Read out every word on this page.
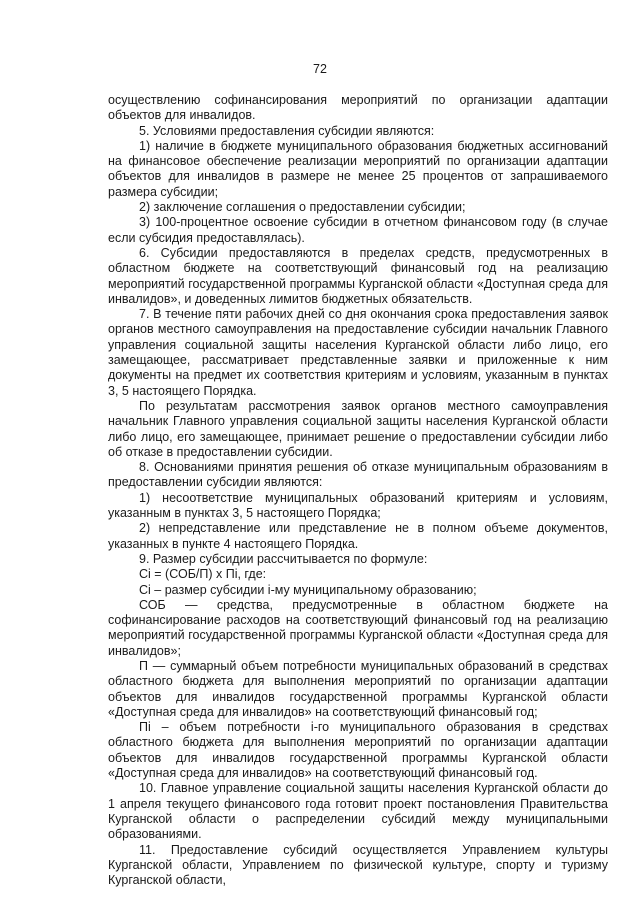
72

осуществлению софинансирования мероприятий по организации адаптации объектов для инвалидов.

5. Условиями предоставления субсидии являются:

1) наличие в бюджете муниципального образования бюджетных ассигнований на финансовое обеспечение реализации мероприятий по организации адаптации объектов для инвалидов в размере не менее 25 процентов от запрашиваемого размера субсидии;

2) заключение соглашения о предоставлении субсидии;

3) 100-процентное освоение субсидии в отчетном финансовом году (в случае если субсидия предоставлялась).

6. Субсидии предоставляются в пределах средств, предусмотренных в областном бюджете на соответствующий финансовый год на реализацию мероприятий государственной программы Курганской области «Доступная среда для инвалидов», и доведенных лимитов бюджетных обязательств.

7. В течение пяти рабочих дней со дня окончания срока предоставления заявок органов местного самоуправления на предоставление субсидии начальник Главного управления социальной защиты населения Курганской области либо лицо, его замещающее, рассматривает представленные заявки и приложенные к ним документы на предмет их соответствия критериям и условиям, указанным в пунктах 3, 5 настоящего Порядка.

По результатам рассмотрения заявок органов местного самоуправления начальник Главного управления социальной защиты населения Курганской области либо лицо, его замещающее, принимает решение о предоставлении субсидии либо об отказе в предоставлении субсидии.

8. Основаниями принятия решения об отказе муниципальным образованиям в предоставлении субсидии являются:

1) несоответствие муниципальных образований критериям и условиям, указанным в пунктах 3, 5 настоящего Порядка;

2) непредставление или представление не в полном объеме документов, указанных в пункте 4 настоящего Порядка.

9. Размер субсидии рассчитывается по формуле:

Ci = (СОБ/П) x Пi, где:

Ci – размер субсидии i-му муниципальному образованию;

СОБ — средства, предусмотренные в областном бюджете на софинансирование расходов на соответствующий финансовый год на реализацию мероприятий государственной программы Курганской области «Доступная среда для инвалидов»;

П — суммарный объем потребности муниципальных образований в средствах областного бюджета для выполнения мероприятий по организации адаптации объектов для инвалидов государственной программы Курганской области «Доступная среда для инвалидов» на соответствующий финансовый год;

Пi – объем потребности i-го муниципального образования в средствах областного бюджета для выполнения мероприятий по организации адаптации объектов для инвалидов государственной программы Курганской области «Доступная среда для инвалидов» на соответствующий финансовый год.

10. Главное управление социальной защиты населения Курганской области до 1 апреля текущего финансового года готовит проект постановления Правительства Курганской области о распределении субсидий между муниципальными образованиями.

11. Предоставление субсидий осуществляется Управлением культуры Курганской области, Управлением по физической культуре, спорту и туризму Курганской области,
